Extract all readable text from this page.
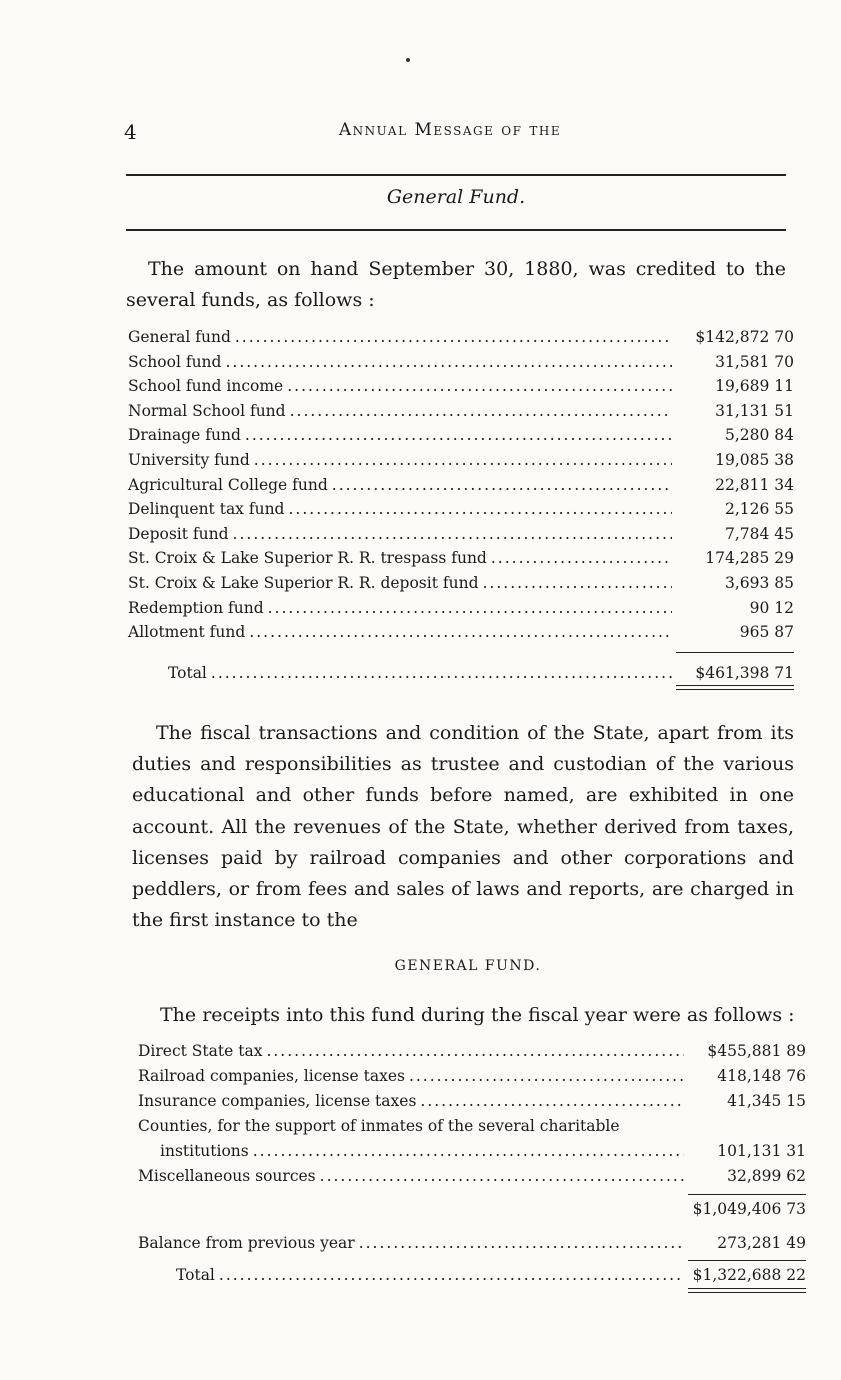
4	Annual Message of the
General Fund.
The amount on hand September 30, 1880, was credited to the several funds, as follows :
General fund .....	$142,872 70
School fund .....	31,581 70
School fund income .....	19,689 11
Normal School fund .....	31,131 51
Drainage fund .....	5,280 84
University fund .....	19,085 38
Agricultural College fund .....	22,811 34
Delinquent tax fund .....	2,126 55
Deposit fund .....	7,784 45
St. Croix & Lake Superior R. R. trespass fund .....	174,285 29
St. Croix & Lake Superior R. R. deposit fund .....	3,693 85
Redemption fund .....	90 12
Allotment fund .....	965 87
Total .....	$461,398 71
The fiscal transactions and condition of the State, apart from its duties and responsibilities as trustee and custodian of the various educational and other funds before named, are exhibited in one account. All the revenues of the State, whether derived from taxes, licenses paid by railroad companies and other corporations and peddlers, or from fees and sales of laws and reports, are charged in the first instance to the
GENERAL FUND.
The receipts into this fund during the fiscal year were as follows :
Direct State tax .....	$455,881 89
Railroad companies, license taxes .....	418,148 76
Insurance companies, license taxes .....	41,345 15
Counties, for the support of inmates of the several charitable
institutions .....	101,131 31
Miscellaneous sources .....	32,899 62
$1,049,406 73
Balance from previous year .....	273,281 49
Total .....	$1,322,688 22
